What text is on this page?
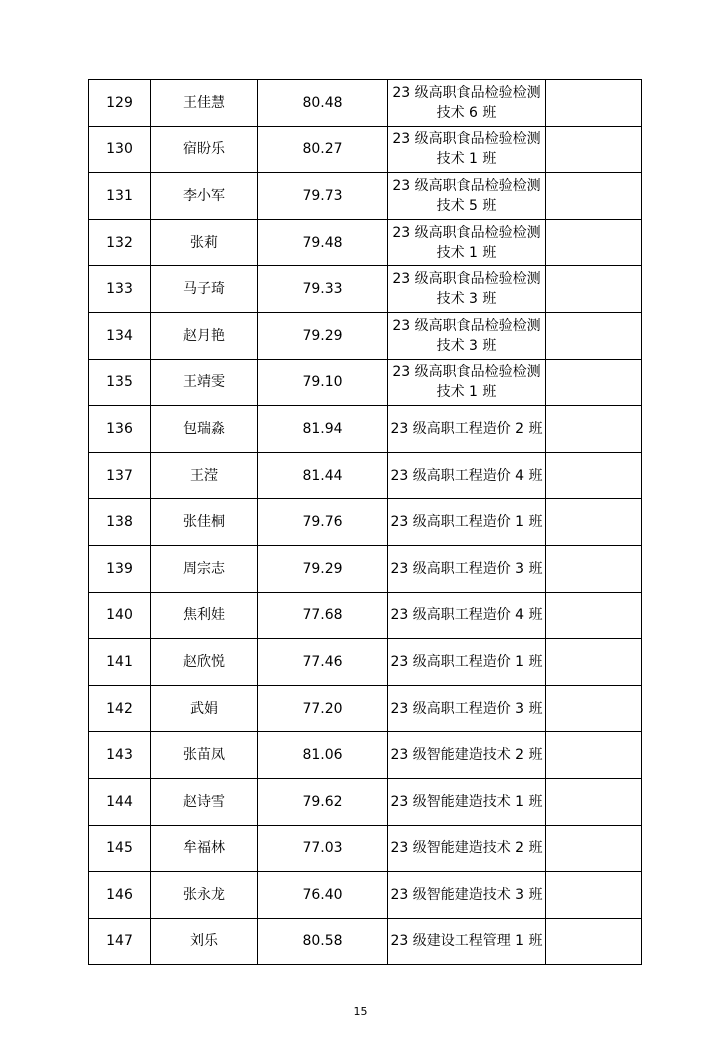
129	王佳慧	80.48	23 级高职食品检验检测技术 6 班	
130	宿盼乐	80.27	23 级高职食品检验检测技术 1 班	
131	李小军	79.73	23 级高职食品检验检测技术 5 班	
132	张莉	79.48	23 级高职食品检验检测技术 1 班	
133	马子琦	79.33	23 级高职食品检验检测技术 3 班	
134	赵月艳	79.29	23 级高职食品检验检测技术 3 班	
135	王靖雯	79.10	23 级高职食品检验检测技术 1 班	
136	包瑞淼	81.94	23 级高职工程造价 2 班	
137	王滢	81.44	23 级高职工程造价 4 班	
138	张佳桐	79.76	23 级高职工程造价 1 班	
139	周宗志	79.29	23 级高职工程造价 3 班	
140	焦利娃	77.68	23 级高职工程造价 4 班	
141	赵欣悦	77.46	23 级高职工程造价 1 班	
142	武娟	77.20	23 级高职工程造价 3 班	
143	张苗凤	81.06	23 级智能建造技术 2 班	
144	赵诗雪	79.62	23 级智能建造技术 1 班	
145	牟福林	77.03	23 级智能建造技术 2 班	
146	张永龙	76.40	23 级智能建造技术 3 班	
147	刘乐	80.58	23 级建设工程管理 1 班	
15
